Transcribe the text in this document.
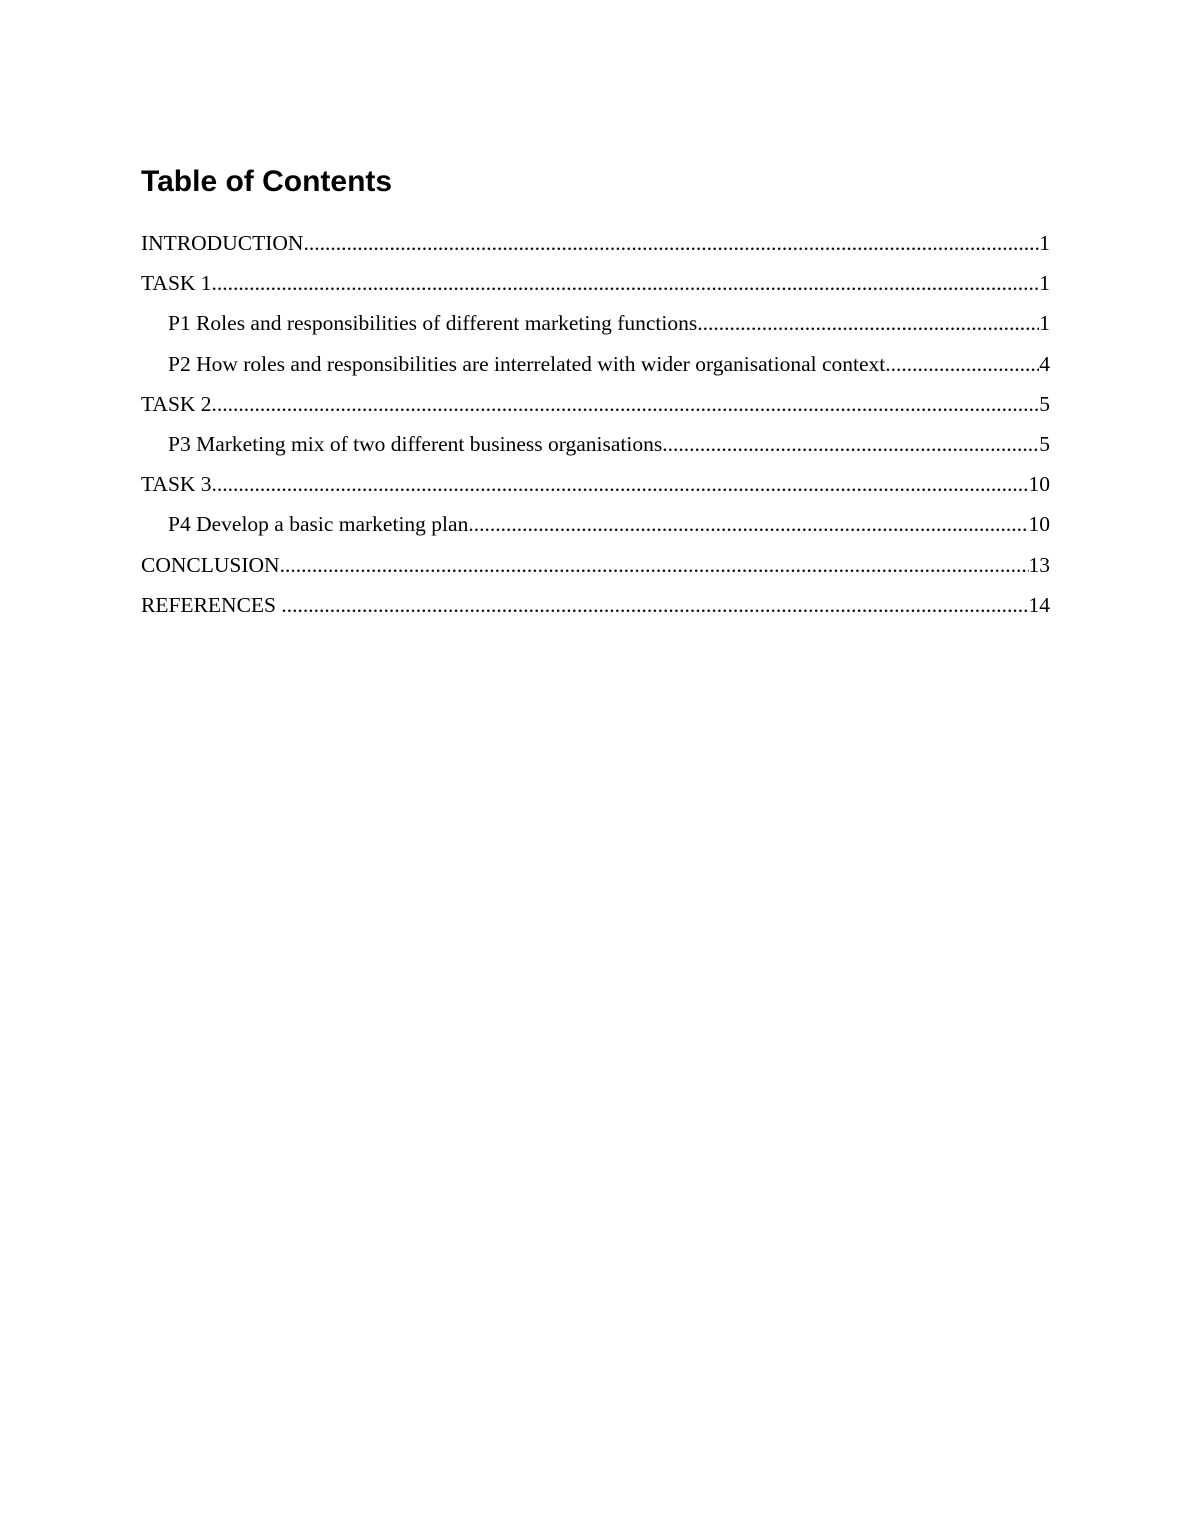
Table of Contents
INTRODUCTION .....	1
TASK 1 .....	1
P1 Roles and responsibilities of different marketing functions .....	1
P2 How roles and responsibilities are interrelated with wider organisational context .....	4
TASK 2 .....	5
P3 Marketing mix of two different business organisations .....	5
TASK 3 .....	10
P4 Develop a basic marketing plan .....	10
CONCLUSION .....	13
REFERENCES .....	14
